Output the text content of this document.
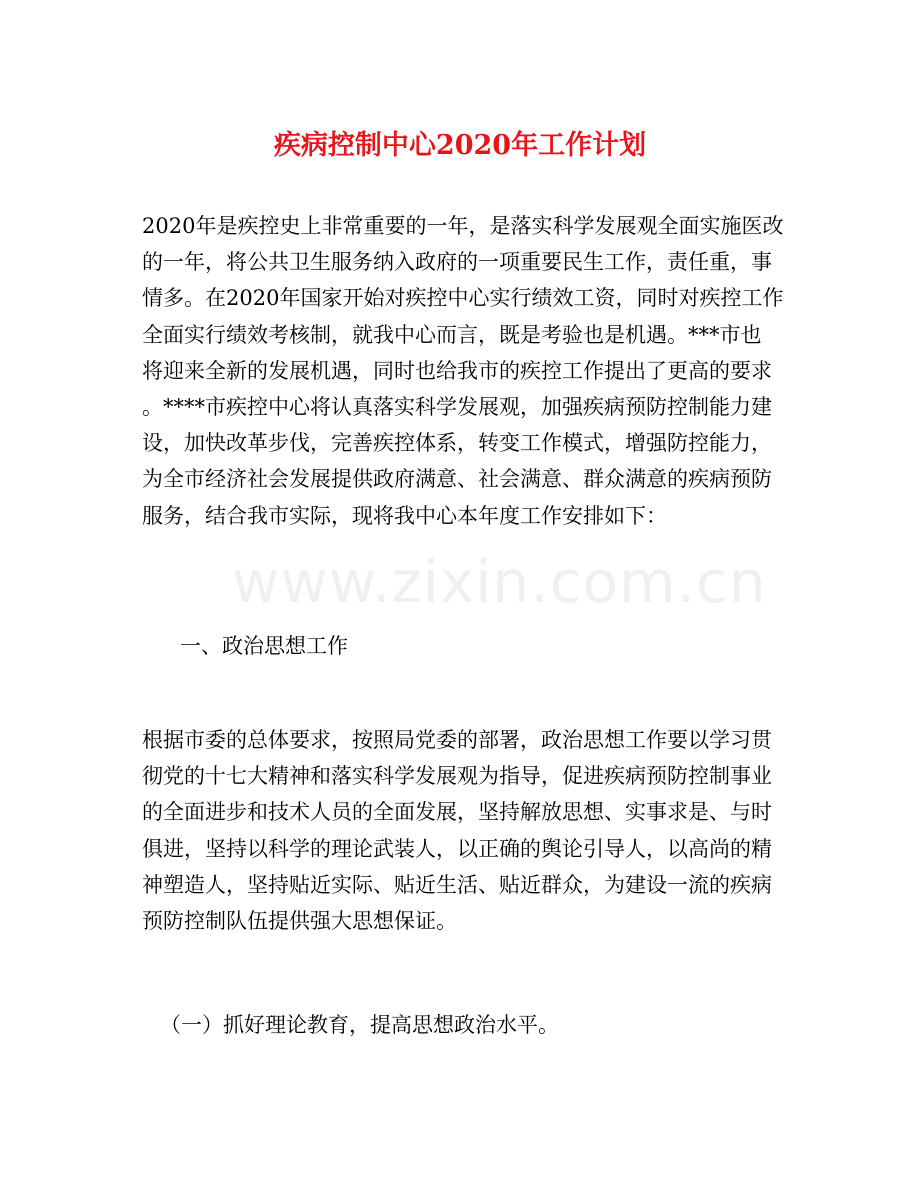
www.zixin.com.cn
疾病控制中心2020年工作计划
2020年是疾控史上非常重要的一年，是落实科学发展观全面实施医改
的一年，将公共卫生服务纳入政府的一项重要民生工作，责任重，事
情多。在2020年国家开始对疾控中心实行绩效工资，同时对疾控工作
全面实行绩效考核制，就我中心而言，既是考验也是机遇。***市也
将迎来全新的发展机遇，同时也给我市的疾控工作提出了更高的要求
。****市疾控中心将认真落实科学发展观，加强疾病预防控制能力建
设，加快改革步伐，完善疾控体系，转变工作模式，增强防控能力，
为全市经济社会发展提供政府满意、社会满意、群众满意的疾病预防
服务，结合我市实际，现将我中心本年度工作安排如下：
一、政治思想工作
根据市委的总体要求，按照局党委的部署，政治思想工作要以学习贯
彻党的十七大精神和落实科学发展观为指导，促进疾病预防控制事业
的全面进步和技术人员的全面发展，坚持解放思想、实事求是、与时
俱进，坚持以科学的理论武装人，以正确的舆论引导人，以高尚的精
神塑造人，坚持贴近实际、贴近生活、贴近群众，为建设一流的疾病
预防控制队伍提供强大思想保证。
（一）抓好理论教育，提高思想政治水平。
